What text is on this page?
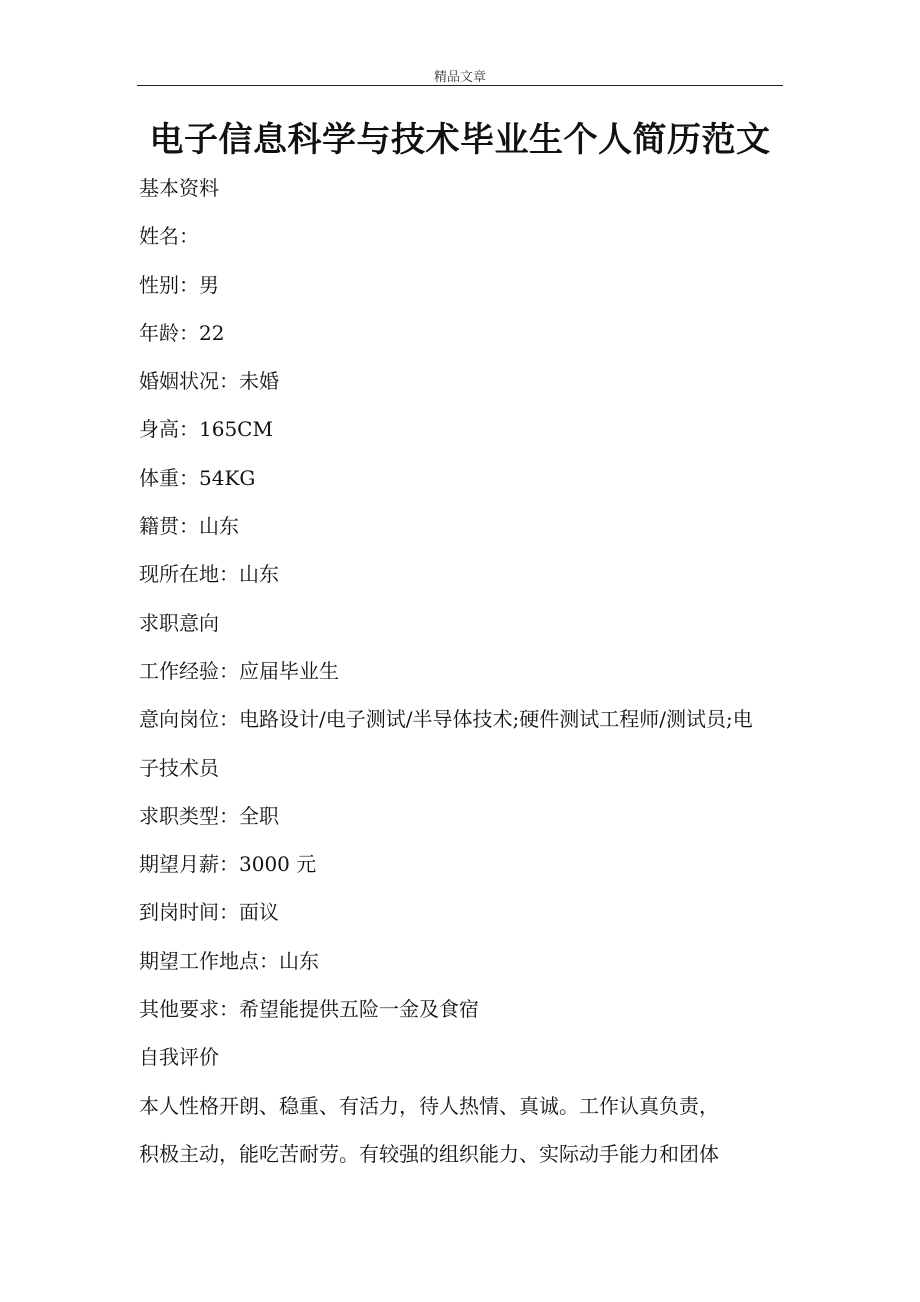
精品文章
电子信息科学与技术毕业生个人简历范文
基本资料
姓名：
性别：男
年龄：22
婚姻状况：未婚
身高：165CM
体重：54KG
籍贯：山东
现所在地：山东
求职意向
工作经验：应届毕业生
意向岗位：电路设计/电子测试/半导体技术;硬件测试工程师/测试员;电
子技术员
求职类型：全职
期望月薪：3000 元
到岗时间：面议
期望工作地点：山东
其他要求：希望能提供五险一金及食宿
自我评价
本人性格开朗、稳重、有活力，待人热情、真诚。工作认真负责，
积极主动，能吃苦耐劳。有较强的组织能力、实际动手能力和团体
